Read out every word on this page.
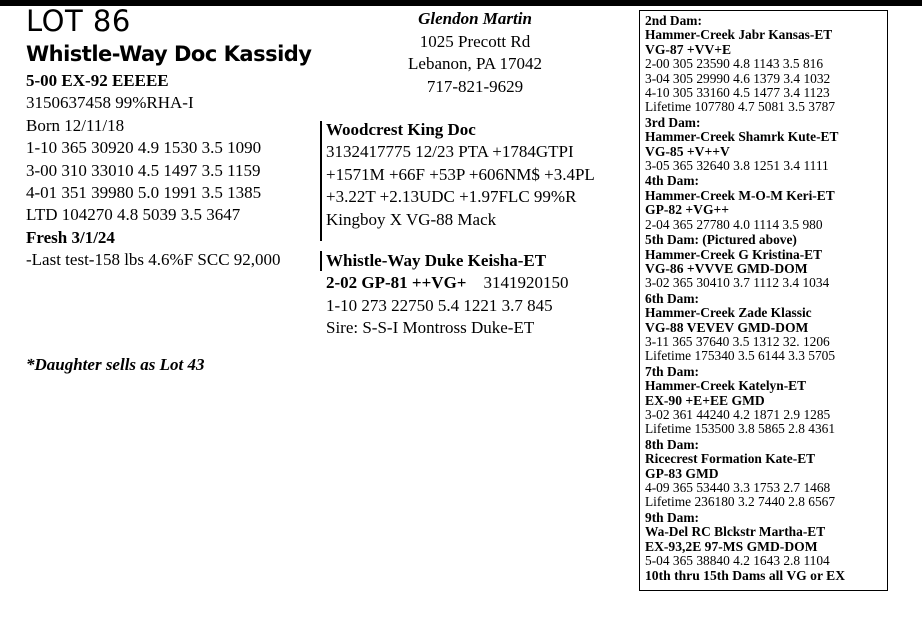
LOT 86
Whistle-Way Doc Kassidy
5-00 EX-92 EEEEE
3150637458 99%RHA-I
Born 12/11/18
1-10 365 30920 4.9 1530 3.5 1090
3-00 310 33010 4.5 1497 3.5 1159
4-01 351 39980 5.0 1991 3.5 1385
LTD 104270 4.8 5039 3.5 3647
Fresh 3/1/24
-Last test-158 lbs 4.6%F SCC 92,000
*Daughter sells as Lot 43
Glendon Martin
1025 Precott Rd
Lebanon, PA 17042
717-821-9629
Woodcrest King Doc
3132417775 12/23 PTA +1784GTPI
+1571M +66F +53P +606NM$ +3.4PL
+3.22T +2.13UDC +1.97FLC 99%R
Kingboy X VG-88 Mack
Whistle-Way Duke Keisha-ET
2-02 GP-81 ++VG+ 3141920150
1-10 273 22750 5.4 1221 3.7 845
Sire: S-S-I Montross Duke-ET
2nd Dam:
Hammer-Creek Jabr Kansas-ET
VG-87 +VV+E
2-00 305 23590 4.8 1143 3.5 816
3-04 305 29990 4.6 1379 3.4 1032
4-10 305 33160 4.5 1477 3.4 1123
Lifetime 107780 4.7 5081 3.5 3787
3rd Dam:
Hammer-Creek Shamrk Kute-ET
VG-85 +V++V
3-05 365 32640 3.8 1251 3.4 1111
4th Dam:
Hammer-Creek M-O-M Keri-ET
GP-82 +VG++
2-04 365 27780 4.0 1114 3.5 980
5th Dam: (Pictured above)
Hammer-Creek G Kristina-ET
VG-86 +VVVE GMD-DOM
3-02 365 30410 3.7 1112 3.4 1034
6th Dam:
Hammer-Creek Zade Klassic
VG-88 VEVEV GMD-DOM
3-11 365 37640 3.5 1312 32. 1206
Lifetime 175340 3.5 6144 3.3 5705
7th Dam:
Hammer-Creek Katelyn-ET
EX-90 +E+EE GMD
3-02 361 44240 4.2 1871 2.9 1285
Lifetime 153500 3.8 5865 2.8 4361
8th Dam:
Ricecrest Formation Kate-ET
GP-83 GMD
4-09 365 53440 3.3 1753 2.7 1468
Lifetime 236180 3.2 7440 2.8 6567
9th Dam:
Wa-Del RC Blckstr Martha-ET
EX-93,2E 97-MS GMD-DOM
5-04 365 38840 4.2 1643 2.8 1104
10th thru 15th Dams all VG or EX
